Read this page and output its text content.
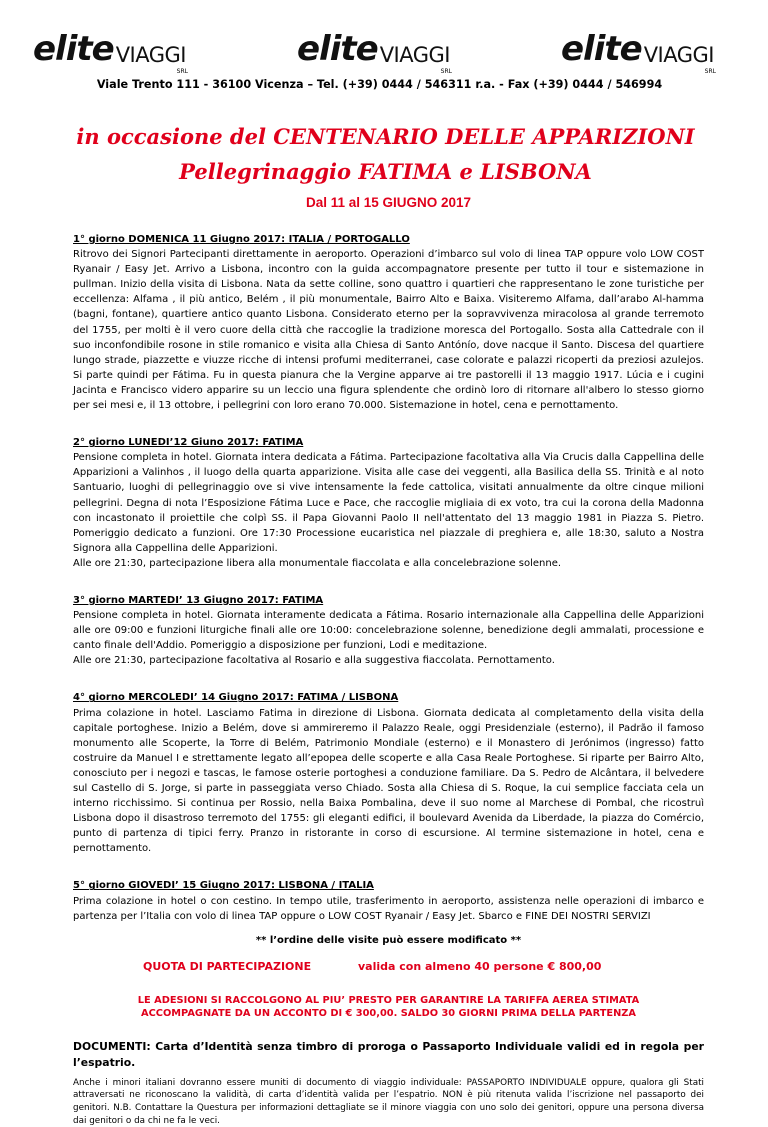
elite VIAGGI
SRL
elite VIAGGI
SRL
elite VIAGGI
SRL
Viale Trento 111 - 36100 Vicenza – Tel. (+39) 0444 / 546311 r.a. - Fax (+39) 0444 / 546994
in occasione del CENTENARIO DELLE APPARIZIONI
Pellegrinaggio FATIMA e LISBONA
Dal 11 al 15 GIUGNO 2017
1° giorno DOMENICA 11 Giugno 2017: ITALIA / PORTOGALLO

Ritrovo dei Signori Partecipanti direttamente in aeroporto. Operazioni d’imbarco sul volo di linea TAP oppure volo LOW COST Ryanair / Easy Jet. Arrivo a Lisbona, incontro con la guida accompagnatore presente per tutto il tour e sistemazione in pullman. Inizio della visita di Lisbona. Nata da sette colline, sono quattro i quartieri che rappresentano le zone turistiche per eccellenza: Alfama , il più antico, Belém , il più monumentale, Bairro Alto e Baixa. Visiteremo Alfama, dall’arabo Al-hamma (bagni, fontane), quartiere antico quanto Lisbona. Considerato eterno per la sopravvivenza miracolosa al grande terremoto del 1755, per molti è il vero cuore della città che raccoglie la tradizione moresca del Portogallo. Sosta alla Cattedrale con il suo inconfondibile rosone in stile romanico e visita alla Chiesa di Santo Antónío, dove nacque il Santo. Discesa del quartiere lungo strade, piazzette e viuzze ricche di intensi profumi mediterranei, case colorate e palazzi ricoperti da preziosi azulejos. Si parte quindi per Fátima. Fu in questa pianura che la Vergine apparve ai tre pastorelli il 13 maggio 1917. Lúcia e i cugini Jacinta e Francisco videro apparire su un leccio una figura splendente che ordinò loro di ritornare all'albero lo stesso giorno per sei mesi e, il 13 ottobre, i pellegrini con loro erano 70.000. Sistemazione in hotel, cena e pernottamento.

2° giorno LUNEDI’12 Giuno 2017: FATIMA

Pensione completa in hotel. Giornata intera dedicata a Fátima. Partecipazione facoltativa alla Via Crucis dalla Cappellina delle Apparizioni a Valinhos , il luogo della quarta apparizione. Visita alle case dei veggenti, alla Basilica della SS. Trinità e al noto Santuario, luoghi di pellegrinaggio ove si vive intensamente la fede cattolica, visitati annualmente da oltre cinque milioni pellegrini. Degna di nota l’Esposizione Fátima Luce e Pace, che raccoglie migliaia di ex voto, tra cui la corona della Madonna con incastonato il proiettile che colpì SS. il Papa Giovanni Paolo II nell'attentato del 13 maggio 1981 in Piazza S. Pietro. Pomeriggio dedicato a funzioni. Ore 17:30 Processione eucaristica nel piazzale di preghiera e, alle 18:30, saluto a Nostra Signora alla Cappellina delle Apparizioni.

Alle ore 21:30, partecipazione libera alla monumentale fiaccolata e alla concelebrazione solenne.

3° giorno MARTEDI’ 13 Giugno 2017: FATIMA

Pensione completa in hotel. Giornata interamente dedicata a Fátima. Rosario internazionale alla Cappellina delle Apparizioni alle ore 09:00 e funzioni liturgiche finali alle ore 10:00: concelebrazione solenne, benedizione degli ammalati, processione e canto finale dell'Addio. Pomeriggio a disposizione per funzioni, Lodi e meditazione.

Alle ore 21:30, partecipazione facoltativa al Rosario e alla suggestiva fiaccolata. Pernottamento.

4° giorno MERCOLEDI’ 14 Giugno 2017: FATIMA / LISBONA

Prima colazione in hotel. Lasciamo Fatima in direzione di Lisbona. Giornata dedicata al completamento della visita della capitale portoghese. Inizio a Belém, dove si ammireremo il Palazzo Reale, oggi Presidenziale (esterno), il Padrão il famoso monumento alle Scoperte, la Torre di Belém, Patrimonio Mondiale (esterno) e il Monastero di Jerónimos (ingresso) fatto costruire da Manuel I e strettamente legato all’epopea delle scoperte e alla Casa Reale Portoghese. Si riparte per Bairro Alto, conosciuto per i negozi e tascas, le famose osterie portoghesi a conduzione familiare. Da S. Pedro de Alcântara, il belvedere sul Castello di S. Jorge, si parte in passeggiata verso Chiado. Sosta alla Chiesa di S. Roque, la cui semplice facciata cela un interno ricchissimo. Si continua per Rossio, nella Baixa Pombalina, deve il suo nome al Marchese di Pombal, che ricostruì Lisbona dopo il disastroso terremoto del 1755: gli eleganti edifici, il boulevard Avenida da Liberdade, la piazza do Comércio, punto di partenza di tipici ferry. Pranzo in ristorante in corso di escursione. Al termine sistemazione in hotel, cena e pernottamento.

5° giorno GIOVEDI’ 15 Giugno 2017: LISBONA / ITALIA

Prima colazione in hotel o con cestino. In tempo utile, trasferimento in aeroporto, assistenza nelle operazioni di imbarco e partenza per l’Italia con volo di linea TAP oppure o LOW COST Ryanair / Easy Jet. Sbarco e FINE DEI NOSTRI SERVIZI

** l’ordine delle visite può essere modificato **
QUOTA DI PARTECIPAZIONE	valida con almeno 40 persone € 800,00
LE ADESIONI SI RACCOLGONO AL PIU’ PRESTO PER GARANTIRE LA TARIFFA AEREA STIMATA
ACCOMPAGNATE DA UN ACCONTO DI € 300,00. SALDO 30 GIORNI PRIMA DELLA PARTENZA
DOCUMENTI: Carta d’Identità senza timbro di proroga o Passaporto Individuale validi ed in regola per l’espatrio.
Anche i minori italiani dovranno essere muniti di documento di viaggio individuale: PASSAPORTO INDIVIDUALE oppure, qualora gli Stati attraversati ne riconoscano la validità, di carta d’identità valida per l’espatrio. NON è più ritenuta valida l’iscrizione nel passaporto dei genitori. N.B. Contattare la Questura per informazioni dettagliate se il minore viaggia con uno solo dei genitori, oppure una persona diversa dai genitori o da chi ne fa le veci.
